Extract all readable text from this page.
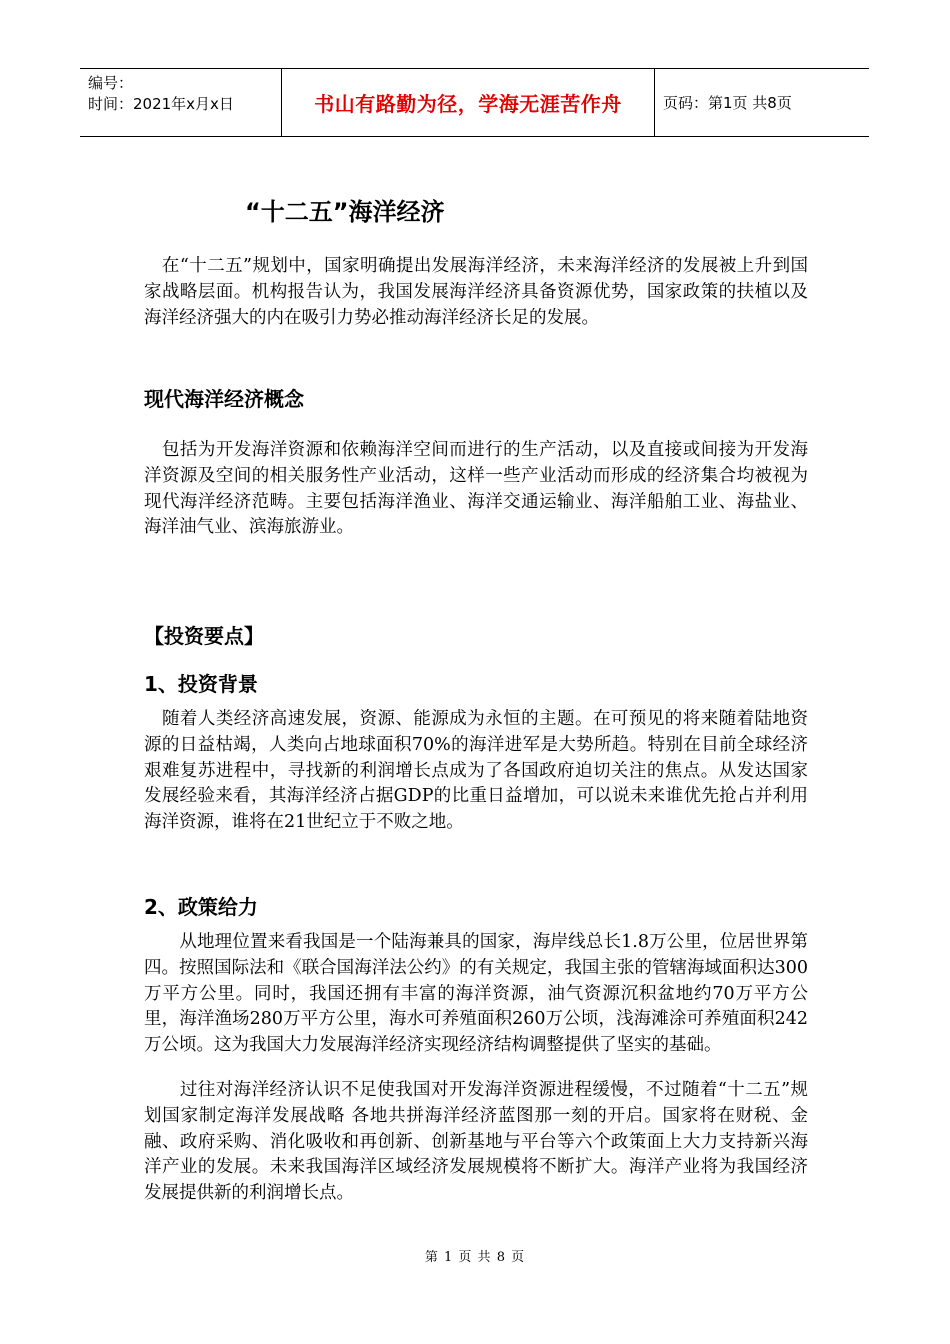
编号：
时间：2021年x月x日	书山有路勤为径，学海无涯苦作舟	页码：第1页 共8页
“十二五”海洋经济

　在“十二五”规划中，国家明确提出发展海洋经济，未来海洋经济的发展被上升到国家战略层面。机构报告认为，我国发展海洋经济具备资源优势，国家政策的扶植以及海洋经济强大的内在吸引力势必推动海洋经济长足的发展。

现代海洋经济概念

　包括为开发海洋资源和依赖海洋空间而进行的生产活动，以及直接或间接为开发海洋资源及空间的相关服务性产业活动，这样一些产业活动而形成的经济集合均被视为现代海洋经济范畴。主要包括海洋渔业、海洋交通运输业、海洋船舶工业、海盐业、海洋油气业、滨海旅游业。

【投资要点】
1、投资背景

　随着人类经济高速发展，资源、能源成为永恒的主题。在可预见的将来随着陆地资源的日益枯竭，人类向占地球面积70%的海洋进军是大势所趋。特别在目前全球经济艰难复苏进程中，寻找新的利润增长点成为了各国政府迫切关注的焦点。从发达国家发展经验来看，其海洋经济占据GDP的比重日益增加，可以说未来谁优先抢占并利用海洋资源，谁将在21世纪立于不败之地。

2、政策给力

　　从地理位置来看我国是一个陆海兼具的国家，海岸线总长1.8万公里，位居世界第四。按照国际法和《联合国海洋法公约》的有关规定，我国主张的管辖海域面积达300万平方公里。同时，我国还拥有丰富的海洋资源，油气资源沉积盆地约70万平方公里，海洋渔场280万平方公里，海水可养殖面积260万公顷，浅海滩涂可养殖面积242万公顷。这为我国大力发展海洋经济实现经济结构调整提供了坚实的基础。

　　过往对海洋经济认识不足使我国对开发海洋资源进程缓慢，不过随着“十二五”规划国家制定海洋发展战略 各地共拼海洋经济蓝图那一刻的开启。国家将在财税、金融、政府采购、消化吸收和再创新、创新基地与平台等六个政策面上大力支持新兴海洋产业的发展。未来我国海洋区域经济发展规模将不断扩大。海洋产业将为我国经济发展提供新的利润增长点。

第 1 页 共 8 页
